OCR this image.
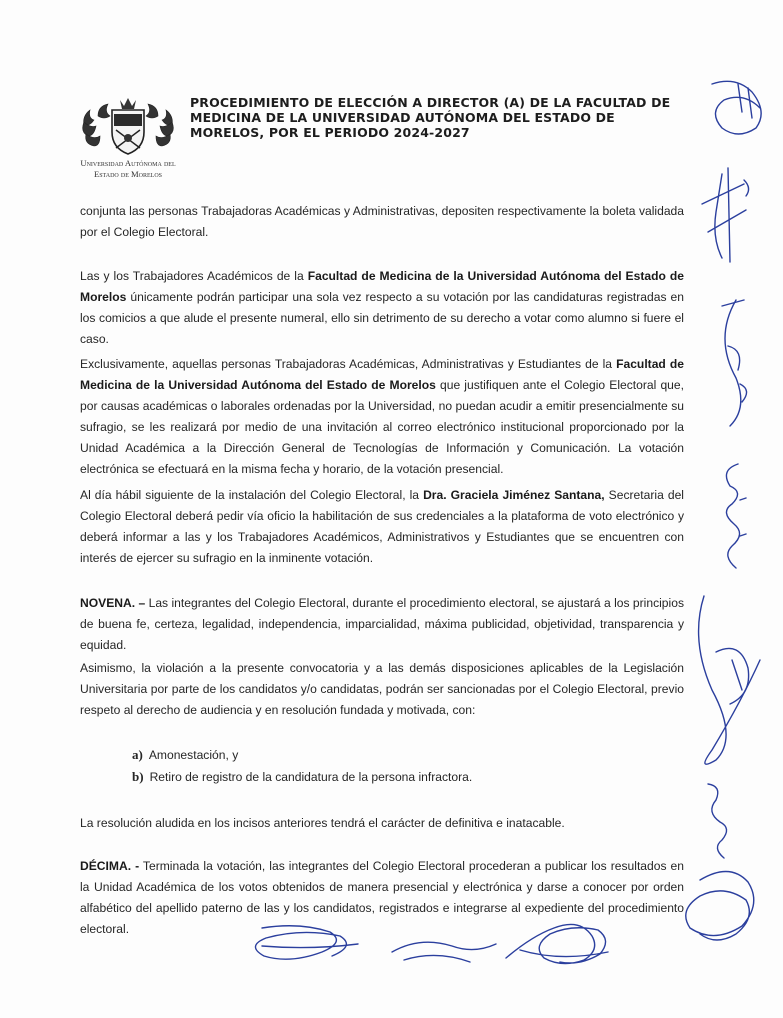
Universidad Autónoma del
Estado de Morelos
PROCEDIMIENTO DE ELECCIÓN A DIRECTOR (A) DE LA FACULTAD DE MEDICINA DE LA UNIVERSIDAD AUTÓNOMA DEL ESTADO DE MORELOS, POR EL PERIODO 2024-2027
conjunta las personas Trabajadoras Académicas y Administrativas, depositen respectivamente la boleta validada por el Colegio Electoral.
Las y los Trabajadores Académicos de la Facultad de Medicina de la Universidad Autónoma del Estado de Morelos únicamente podrán participar una sola vez respecto a su votación por las candidaturas registradas en los comicios a que alude el presente numeral, ello sin detrimento de su derecho a votar como alumno si fuere el caso.
Exclusivamente, aquellas personas Trabajadoras Académicas, Administrativas y Estudiantes de la Facultad de Medicina de la Universidad Autónoma del Estado de Morelos que justifiquen ante el Colegio Electoral que, por causas académicas o laborales ordenadas por la Universidad, no puedan acudir a emitir presencialmente su sufragio, se les realizará por medio de una invitación al correo electrónico institucional proporcionado por la Unidad Académica a la Dirección General de Tecnologías de Información y Comunicación. La votación electrónica se efectuará en la misma fecha y horario, de la votación presencial.
Al día hábil siguiente de la instalación del Colegio Electoral, la Dra. Graciela Jiménez Santana, Secretaria del Colegio Electoral deberá pedir vía oficio la habilitación de sus credenciales a la plataforma de voto electrónico y deberá informar a las y los Trabajadores Académicos, Administrativos y Estudiantes que se encuentren con interés de ejercer su sufragio en la inminente votación.
NOVENA. – Las integrantes del Colegio Electoral, durante el procedimiento electoral, se ajustará a los principios de buena fe, certeza, legalidad, independencia, imparcialidad, máxima publicidad, objetividad, transparencia y equidad.
Asimismo, la violación a la presente convocatoria y a las demás disposiciones aplicables de la Legislación Universitaria por parte de los candidatos y/o candidatas, podrán ser sancionadas por el Colegio Electoral, previo respeto al derecho de audiencia y en resolución fundada y motivada, con:
a) Amonestación, y
b) Retiro de registro de la candidatura de la persona infractora.
La resolución aludida en los incisos anteriores tendrá el carácter de definitiva e inatacable.
DÉCIMA. - Terminada la votación, las integrantes del Colegio Electoral procederan a publicar los resultados en la Unidad Académica de los votos obtenidos de manera presencial y electrónica y darse a conocer por orden alfabético del apellido paterno de las y los candidatos, registrados e integrarse al expediente del procedimiento electoral.
